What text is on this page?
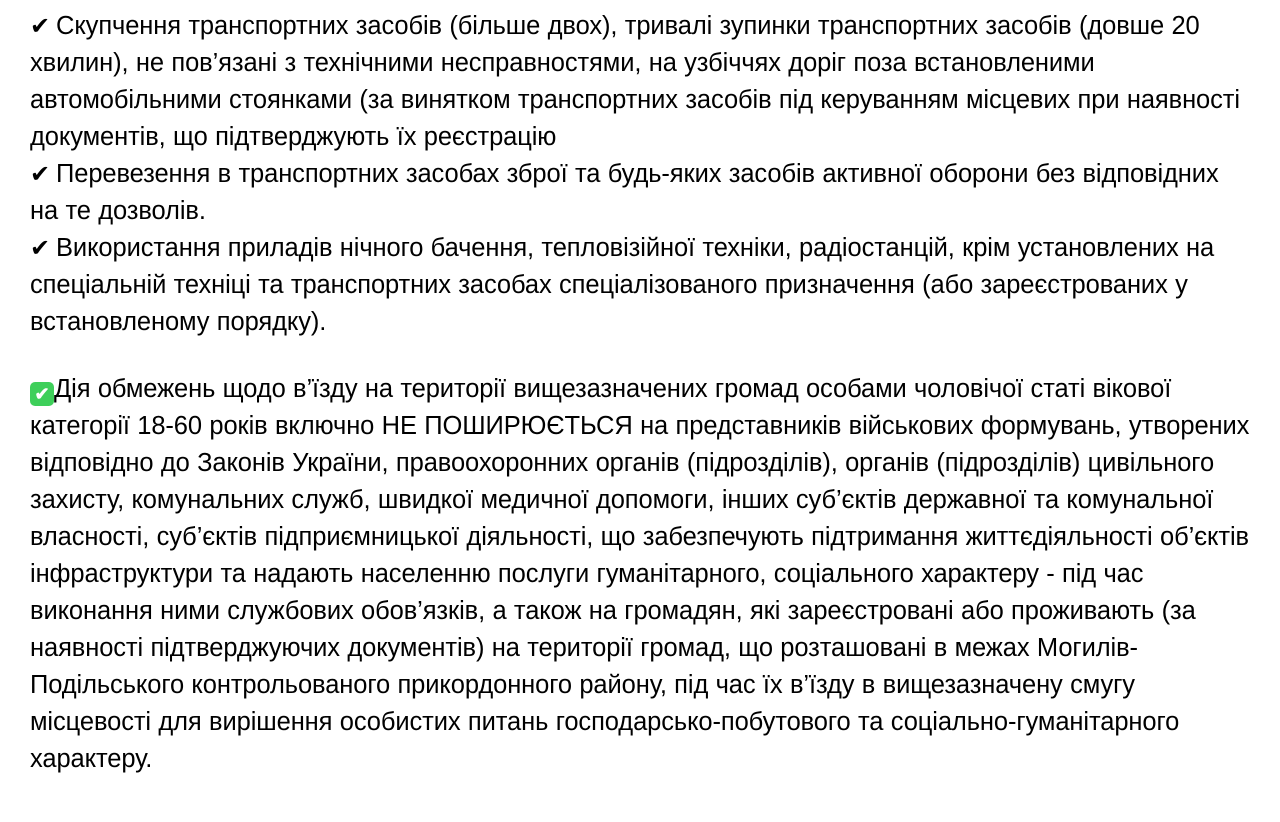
✔ Скупчення транспортних засобів (більше двох), тривалі зупинки транспортних засобів (довше 20 хвилин), не пов’язані з технічними несправностями, на узбіччях доріг поза встановленими автомобільними стоянками (за винятком транспортних засобів під керуванням місцевих при наявності документів, що підтверджують їх реєстрацію

✔ Перевезення в транспортних засобах зброї та будь-яких засобів активної оборони без відповідних на те дозволів.

✔ Використання приладів нічного бачення, тепловізійної техніки, радіостанцій, крім установлених на спеціальній техніці та транспортних засобах спеціалізованого призначення (або зареєстрованих у встановленому порядку).

✔ Дія обмежень щодо в’їзду на території вищезазначених громад особами чоловічої статі вікової категорії 18-60 років включно НЕ ПОШИРЮЄТЬСЯ на представників військових формувань, утворених відповідно до Законів України, правоохоронних органів (підрозділів), органів (підрозділів) цивільного захисту, комунальних служб, швидкої медичної допомоги, інших суб’єктів державної та комунальної власності, суб’єктів підприємницької діяльності, що забезпечують підтримання життєдіяльності об’єктів інфраструктури та надають населенню послуги гуманітарного, соціального характеру - під час виконання ними службових обов’язків, а також на громадян, які зареєстровані або проживають (за наявності підтверджуючих документів) на території громад, що розташовані в межах Могилів-Подільського контрольованого прикордонного району, під час їх в’їзду в вищезазначену смугу місцевості для вирішення особистих питань господарсько-побутового та соціально-гуманітарного характеру.
